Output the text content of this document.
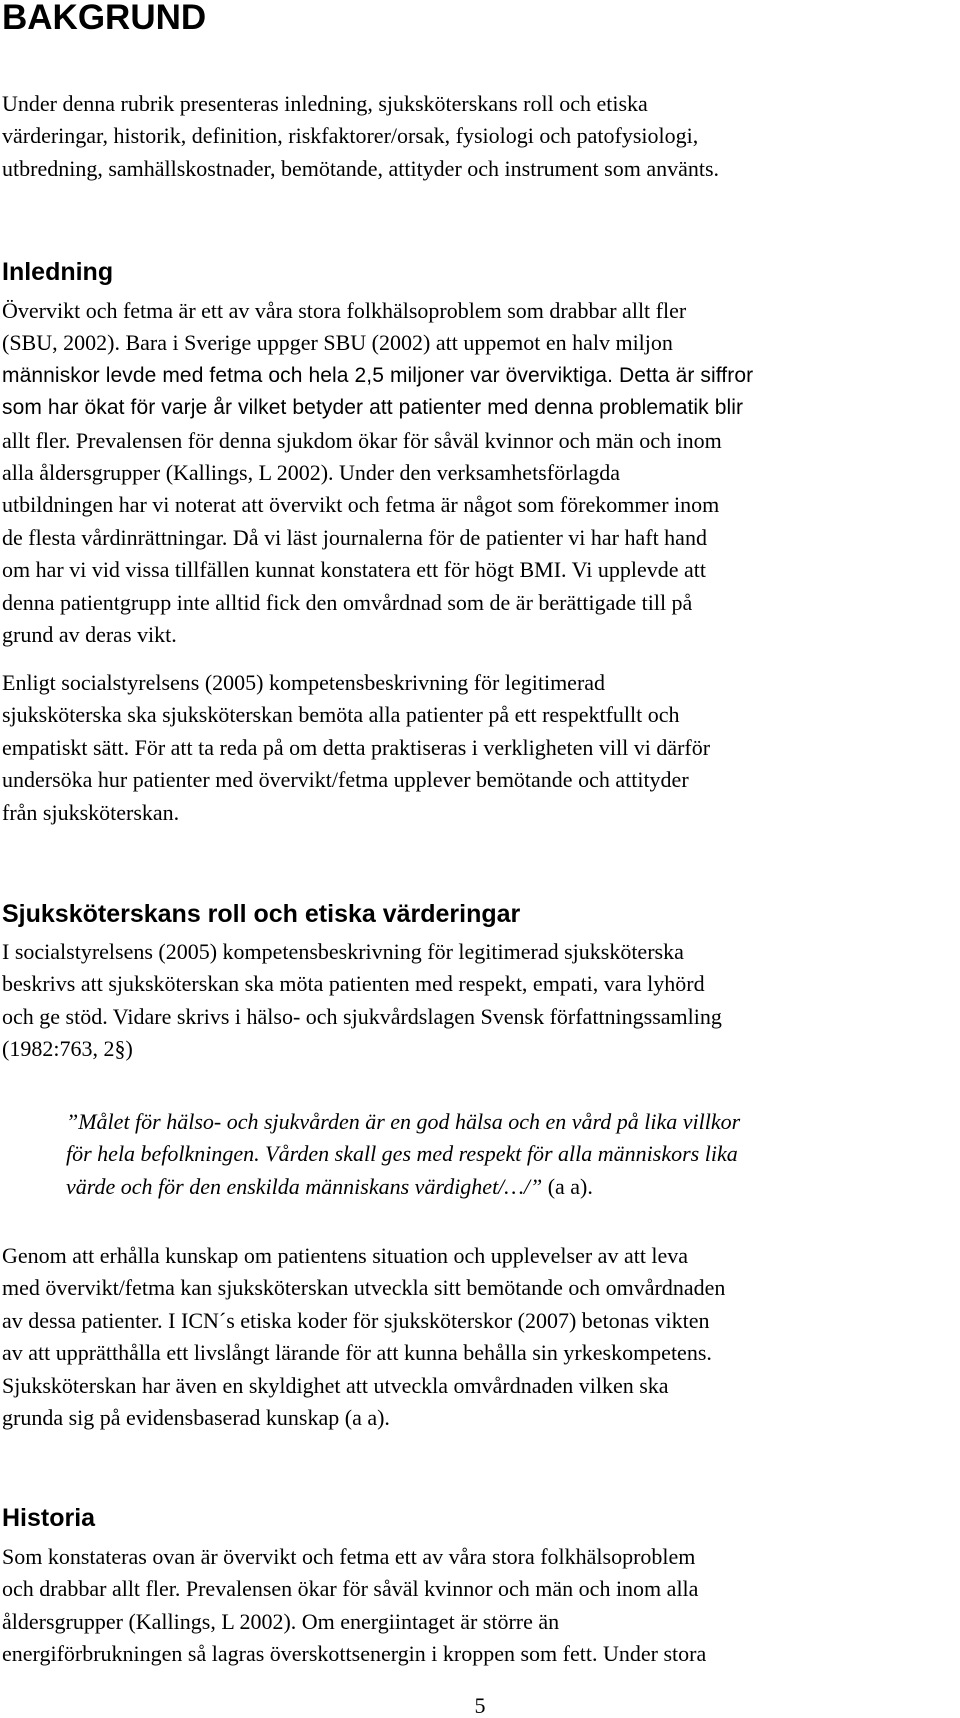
BAKGRUND
Under denna rubrik presenteras inledning, sjuksköterskans roll och etiska
värderingar, historik, definition, riskfaktorer/orsak, fysiologi och patofysiologi,
utbredning, samhällskostnader, bemötande, attityder och instrument som använts.
Inledning
Övervikt och fetma är ett av våra stora folkhälsoproblem som drabbar allt fler
(SBU, 2002). Bara i Sverige uppger SBU (2002) att uppemot en halv miljon
människor levde med fetma och hela 2,5 miljoner var överviktiga. Detta är siffror
som har ökat för varje år vilket betyder att patienter med denna problematik blir
allt fler. Prevalensen för denna sjukdom ökar för såväl kvinnor och män och inom
alla åldersgrupper (Kallings, L 2002). Under den verksamhetsförlagda
utbildningen har vi noterat att övervikt och fetma är något som förekommer inom
de flesta vårdinrättningar. Då vi läst journalerna för de patienter vi har haft hand
om har vi vid vissa tillfällen kunnat konstatera ett för högt BMI. Vi upplevde att
denna patientgrupp inte alltid fick den omvårdnad som de är berättigade till på
grund av deras vikt.
Enligt socialstyrelsens (2005) kompetensbeskrivning för legitimerad
sjuksköterska ska sjuksköterskan bemöta alla patienter på ett respektfullt och
empatiskt sätt. För att ta reda på om detta praktiseras i verkligheten vill vi därför
undersöka hur patienter med övervikt/fetma upplever bemötande och attityder
från sjuksköterskan.
Sjuksköterskans roll och etiska värderingar
I socialstyrelsens (2005) kompetensbeskrivning för legitimerad sjuksköterska
beskrivs att sjuksköterskan ska möta patienten med respekt, empati, vara lyhörd
och ge stöd. Vidare skrivs i hälso- och sjukvårdslagen Svensk författningssamling
(1982:763, 2§)
”Målet för hälso- och sjukvården är en god hälsa och en vård på lika villkor
för hela befolkningen. Vården skall ges med respekt för alla människors lika
värde och för den enskilda människans värdighet/…/” (a a).
Genom att erhålla kunskap om patientens situation och upplevelser av att leva
med övervikt/fetma kan sjuksköterskan utveckla sitt bemötande och omvårdnaden
av dessa patienter. I ICN´s etiska koder för sjuksköterskor (2007) betonas vikten
av att upprätthålla ett livslångt lärande för att kunna behålla sin yrkeskompetens.
Sjuksköterskan har även en skyldighet att utveckla omvårdnaden vilken ska
grunda sig på evidensbaserad kunskap (a a).
Historia
Som konstateras ovan är övervikt och fetma ett av våra stora folkhälsoproblem
och drabbar allt fler. Prevalensen ökar för såväl kvinnor och män och inom alla
åldersgrupper (Kallings, L 2002). Om energiintaget är större än
energiförbrukningen så lagras överskottsenergin i kroppen som fett. Under stora
5
